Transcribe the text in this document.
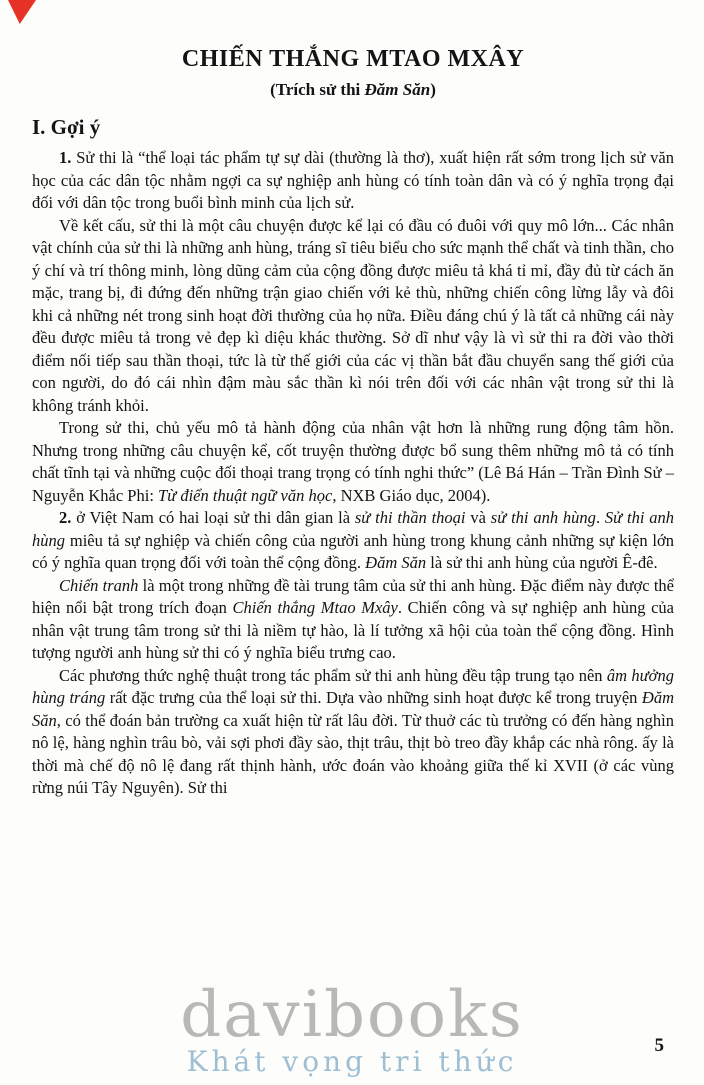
CHIẾN THẮNG MTAO MXÂY
(Trích sử thi Đăm Săn)
I. Gợi ý

1. Sử thi là “thể loại tác phẩm tự sự dài (thường là thơ), xuất hiện rất sớm trong lịch sử văn học của các dân tộc nhằm ngợi ca sự nghiệp anh hùng có tính toàn dân và có ý nghĩa trọng đại đối với dân tộc trong buổi bình minh của lịch sử.

Về kết cấu, sử thi là một câu chuyện được kể lại có đầu có đuôi với quy mô lớn... Các nhân vật chính của sử thi là những anh hùng, tráng sĩ tiêu biểu cho sức mạnh thể chất và tinh thần, cho ý chí và trí thông minh, lòng dũng cảm của cộng đồng được miêu tả khá tỉ mỉ, đầy đủ từ cách ăn mặc, trang bị, đi đứng đến những trận giao chiến với kẻ thù, những chiến công lừng lẫy và đôi khi cả những nét trong sinh hoạt đời thường của họ nữa. Điều đáng chú ý là tất cả những cái này đều được miêu tả trong vẻ đẹp kì diệu khác thường. Sở dĩ như vậy là vì sử thi ra đời vào thời điểm nối tiếp sau thần thoại, tức là từ thế giới của các vị thần bắt đầu chuyển sang thế giới của con người, do đó cái nhìn đậm màu sắc thần kì nói trên đối với các nhân vật trong sử thi là không tránh khỏi.

Trong sử thi, chủ yếu mô tả hành động của nhân vật hơn là những rung động tâm hồn. Nhưng trong những câu chuyện kể, cốt truyện thường được bổ sung thêm những mô tả có tính chất tĩnh tại và những cuộc đối thoại trang trọng có tính nghi thức” (Lê Bá Hán – Trần Đình Sử – Nguyễn Khắc Phi: Từ điển thuật ngữ văn học, NXB Giáo dục, 2004).

2. ở Việt Nam có hai loại sử thi dân gian là sử thi thần thoại và sử thi anh hùng. Sử thi anh hùng miêu tả sự nghiệp và chiến công của người anh hùng trong khung cảnh những sự kiện lớn có ý nghĩa quan trọng đối với toàn thể cộng đồng. Đăm Săn là sử thi anh hùng của người Ê-đê.

Chiến tranh là một trong những đề tài trung tâm của sử thi anh hùng. Đặc điểm này được thể hiện nổi bật trong trích đoạn Chiến thắng Mtao Mxây. Chiến công và sự nghiệp anh hùng của nhân vật trung tâm trong sử thi là niềm tự hào, là lí tưởng xã hội của toàn thể cộng đồng. Hình tượng người anh hùng sử thi có ý nghĩa biểu trưng cao.

Các phương thức nghệ thuật trong tác phẩm sử thi anh hùng đều tập trung tạo nên âm hưởng hùng tráng rất đặc trưng của thể loại sử thi. Dựa vào những sinh hoạt được kể trong truyện Đăm Săn, có thể đoán bản trường ca xuất hiện từ rất lâu đời. Từ thuở các tù trưởng có đến hàng nghìn nô lệ, hàng nghìn trâu bò, vải sợi phơi đầy sào, thịt trâu, thịt bò treo đầy khắp các nhà rông. ấy là thời mà chế độ nô lệ đang rất thịnh hành, ước đoán vào khoảng giữa thế kỉ XVII (ở các vùng rừng núi Tây Nguyên). Sử thi

davibooks
Khát vọng tri thức	5
